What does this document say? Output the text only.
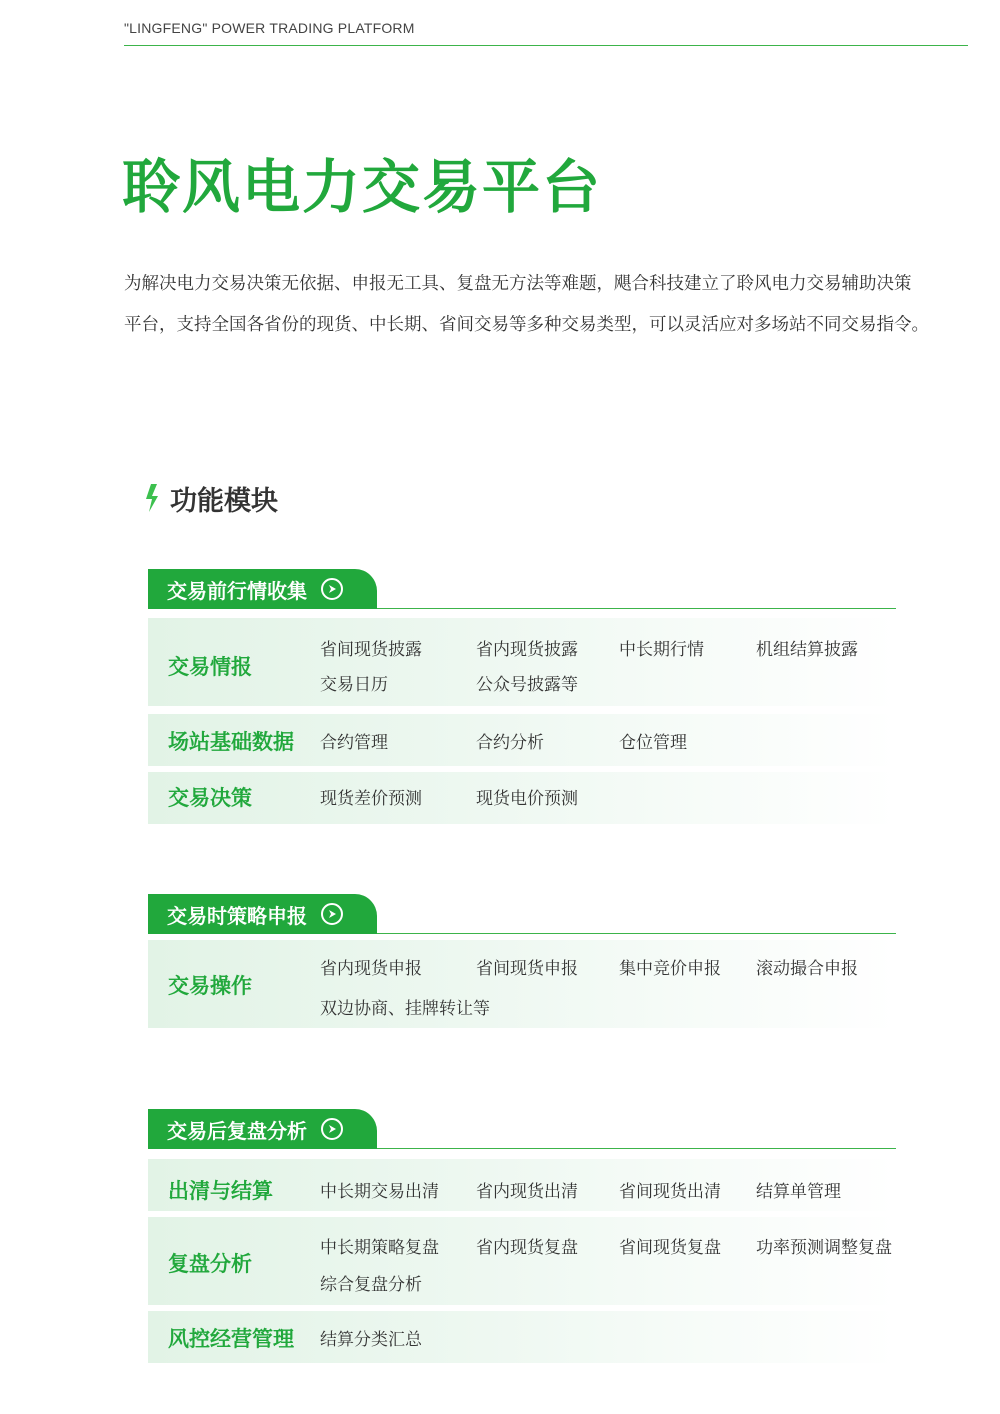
"LINGFENG" POWER TRADING PLATFORM
聆风电力交易平台

为解决电力交易决策无依据、申报无工具、复盘无方法等难题，飓合科技建立了聆风电力交易辅助决策

平台，支持全国各省份的现货、中长期、省间交易等多种交易类型，可以灵活应对多场站不同交易指令。

功能模块
交易前行情收集
交易情报
省间现货披露	省内现货披露 中长期行情	机组结算披露
交易日历	公众号披露等
场站基础数据 合约管理	合约分析	仓位管理
交易决策	现货差价预测	现货电价预测
交易时策略申报
交易操作
省内现货申报	省间现货申报 集中竞价申报 滚动撮合申报
双边协商、挂牌转让等
交易后复盘分析
出清与结算	中长期交易出清 省内现货出清 省间现货出清 结算单管理
复盘分析
中长期策略复盘 省内现货复盘 省间现货复盘 功率预测调整复盘
综合复盘分析
风控经营管理 结算分类汇总
